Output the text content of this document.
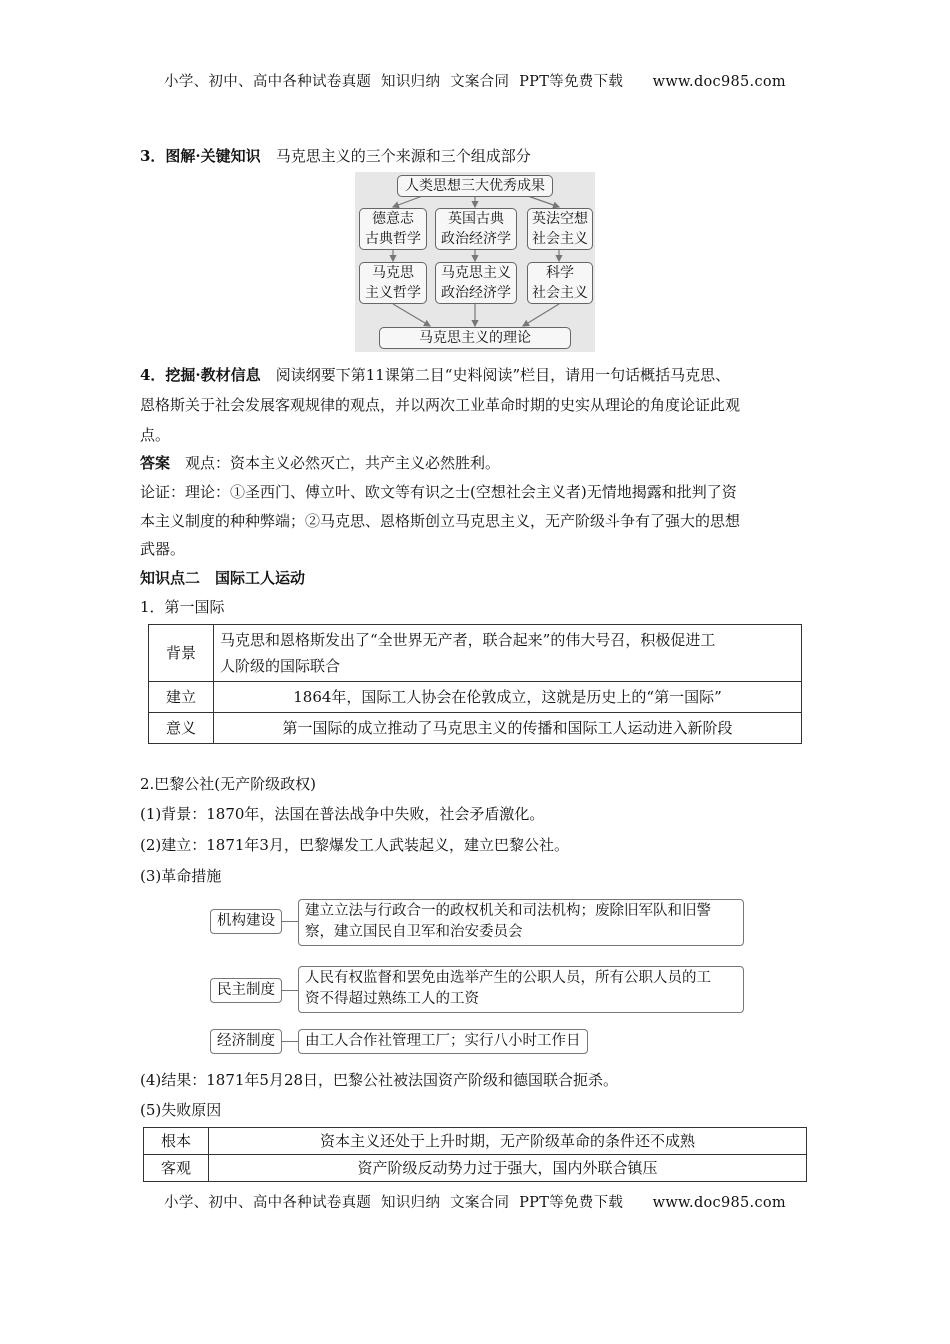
小学、初中、高中各种试卷真题  知识归纳  文案合同  PPT等免费下载      www.doc985.com
3．图解·关键知识　 马克思主义的三个来源和三个组成部分
人类思想三大优秀成果
德意志
古典哲学
英国古典
政治经济学
英法空想
社会主义
马克思
主义哲学
马克思主义
政治经济学
科学
社会主义
马克思主义的理论
4．挖掘·教材信息　 阅读纲要下第11课第二目“史料阅读”栏目，请用一句话概括马克思、
恩格斯关于社会发展客观规律的观点，并以两次工业革命时期的史实从理论的角度论证此观
点。
答案　 观点：资本主义必然灭亡，共产主义必然胜利。
论证：理论：①圣西门、傅立叶、欧文等有识之士(空想社会主义者)无情地揭露和批判了资
本主义制度的种种弊端；②马克思、恩格斯创立马克思主义，无产阶级斗争有了强大的思想
武器。
知识点二　国际工人运动
1．第一国际
背景	马克思和恩格斯发出了“全世界无产者，联合起来”的伟大号召，积极促进工
人阶级的国际联合

建立	1864年，国际工人协会在伦敦成立，这就是历史上的“第一国际”
意义	第一国际的成立推动了马克思主义的传播和国际工人运动进入新阶段
2.巴黎公社(无产阶级政权)
(1)背景：1870年，法国在普法战争中失败，社会矛盾激化。
(2)建立：1871年3月，巴黎爆发工人武装起义，建立巴黎公社。
(3)革命措施
机构建设
建立立法与行政合一的政权机关和司法机构；废除旧军队和旧警
察，建立国民自卫军和治安委员会
民主制度
人民有权监督和罢免由选举产生的公职人员，所有公职人员的工
资不得超过熟练工人的工资
经济制度	由工人合作社管理工厂；实行八小时工作日
(4)结果：1871年5月28日，巴黎公社被法国资产阶级和德国联合扼杀。
(5)失败原因
根本	资本主义还处于上升时期，无产阶级革命的条件还不成熟
客观	资产阶级反动势力过于强大，国内外联合镇压
小学、初中、高中各种试卷真题  知识归纳  文案合同  PPT等免费下载      www.doc985.com
